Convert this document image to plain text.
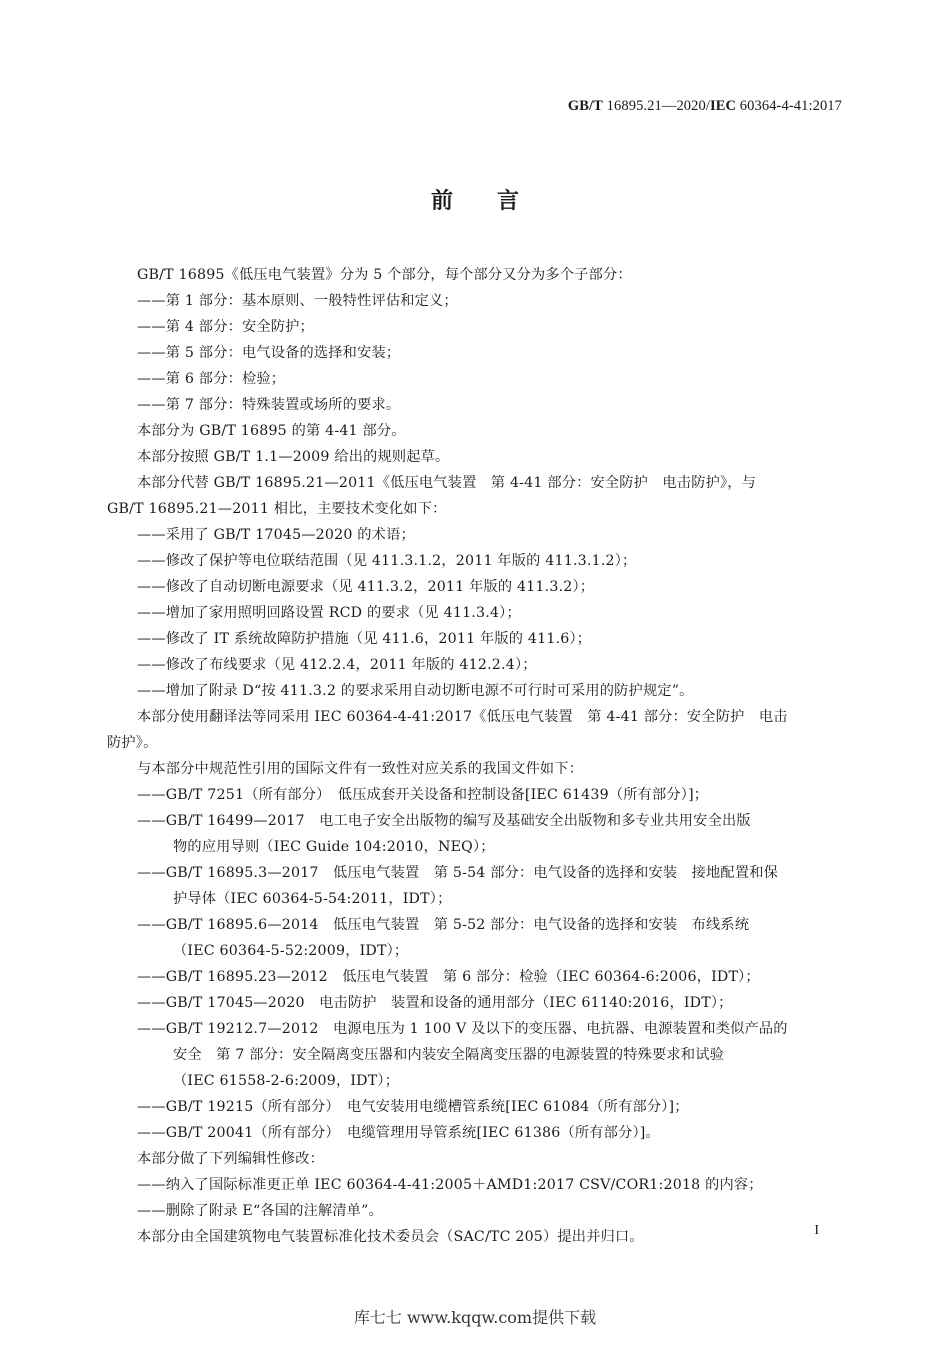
GB/T 16895.21—2020/IEC 60364-4-41:2017
前 言
GB/T 16895《低压电气装置》分为 5 个部分，每个部分又分为多个子部分：
——第 1 部分：基本原则、一般特性评估和定义；
——第 4 部分：安全防护；
——第 5 部分：电气设备的选择和安装；
——第 6 部分：检验；
——第 7 部分：特殊装置或场所的要求。
本部分为 GB/T 16895 的第 4-41 部分。
本部分按照 GB/T 1.1—2009 给出的规则起草。
本部分代替 GB/T 16895.21—2011《低压电气装置　第 4-41 部分：安全防护　电击防护》，与
GB/T 16895.21—2011 相比，主要技术变化如下：
——采用了 GB/T 17045—2020 的术语；
——修改了保护等电位联结范围（见 411.3.1.2，2011 年版的 411.3.1.2）；
——修改了自动切断电源要求（见 411.3.2，2011 年版的 411.3.2）；
——增加了家用照明回路设置 RCD 的要求（见 411.3.4）；
——修改了 IT 系统故障防护措施（见 411.6，2011 年版的 411.6）；
——修改了布线要求（见 412.2.4，2011 年版的 412.2.4）；
——增加了附录 D“按 411.3.2 的要求采用自动切断电源不可行时可采用的防护规定”。
本部分使用翻译法等同采用 IEC 60364-4-41:2017《低压电气装置　第 4-41 部分：安全防护　电击
防护》。
与本部分中规范性引用的国际文件有一致性对应关系的我国文件如下：
——GB/T 7251（所有部分）　低压成套开关设备和控制设备[IEC 61439（所有部分）]；
——GB/T 16499—2017　电工电子安全出版物的编写及基础安全出版物和多专业共用安全出版
物的应用导则（IEC Guide 104:2010，NEQ）；
——GB/T 16895.3—2017　低压电气装置　第 5-54 部分：电气设备的选择和安装　接地配置和保
护导体（IEC 60364-5-54:2011，IDT）；
——GB/T 16895.6—2014　低压电气装置　第 5-52 部分：电气设备的选择和安装　布线系统
（IEC 60364-5-52:2009，IDT）；
——GB/T 16895.23—2012　低压电气装置　第 6 部分：检验（IEC 60364-6:2006，IDT）；
——GB/T 17045—2020　电击防护　装置和设备的通用部分（IEC 61140:2016，IDT）；
——GB/T 19212.7—2012　电源电压为 1 100 V 及以下的变压器、电抗器、电源装置和类似产品的
安全　第 7 部分：安全隔离变压器和内装安全隔离变压器的电源装置的特殊要求和试验
（IEC 61558-2-6:2009，IDT）；
——GB/T 19215（所有部分）　电气安装用电缆槽管系统[IEC 61084（所有部分）]；
——GB/T 20041（所有部分）　电缆管理用导管系统[IEC 61386（所有部分）]。
本部分做了下列编辑性修改：
——纳入了国际标准更正单 IEC 60364-4-41:2005＋AMD1:2017 CSV/COR1:2018 的内容；
——删除了附录 E“各国的注解清单”。
本部分由全国建筑物电气装置标准化技术委员会（SAC/TC 205）提出并归口。	I
库七七 www.kqqw.com提供下载
